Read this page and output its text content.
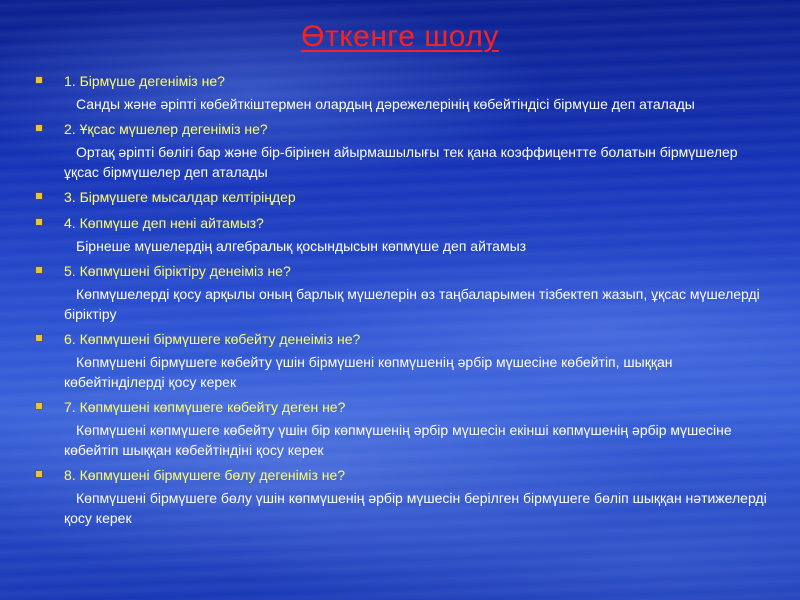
Өткенге шолу
1. Бірмүше дегеніміз не?
Санды және әріпті көбейткіштермен олардың дәрежелерінің көбейтіндісі бірмүше деп аталады
2. Ұқсас мүшелер дегеніміз не?
Ортақ әріпті бөлігі бар және бір-бірінен айырмашылығы тек қана коэффиценттe болатын бірмүшелер ұқсас бірмүшелер деп аталады
3. Бірмүшеге мысалдар келтіріңдер
4. Көпмүше деп нені айтамыз?
Бірнеше мүшелердің алгебралық қосындысын көпмүше деп айтамыз
5. Көпмүшені біріктіру денеіміз не?
Көпмүшелерді қосу арқылы оның барлық мүшелерін өз таңбаларымен тізбектеп жазып, ұқсас мүшелерді біріктіру
6. Көпмүшені бірмүшеге көбейту денеіміз не?
Көпмүшені бірмүшеге көбейту үшін бірмүшені көпмүшенің әрбір мүшесіне көбейтіп, шыққан көбейтінділерді қосу керек
7. Көпмүшені көпмүшеге көбейту деген не?
Көпмүшені көпмүшеге көбейту үшін бір көпмүшенің әрбір мүшесін екінші көпмүшенің әрбір мүшесіне көбейтіп шыққан көбейтіндіні қосу керек
8. Көпмүшені бірмүшеге бөлу дегеніміз не?
Көпмүшені бірмүшеге бөлу үшін көпмүшенің әрбір мүшесін берілген бірмүшеге бөліп шыққан нәтижелерді қосу керек
